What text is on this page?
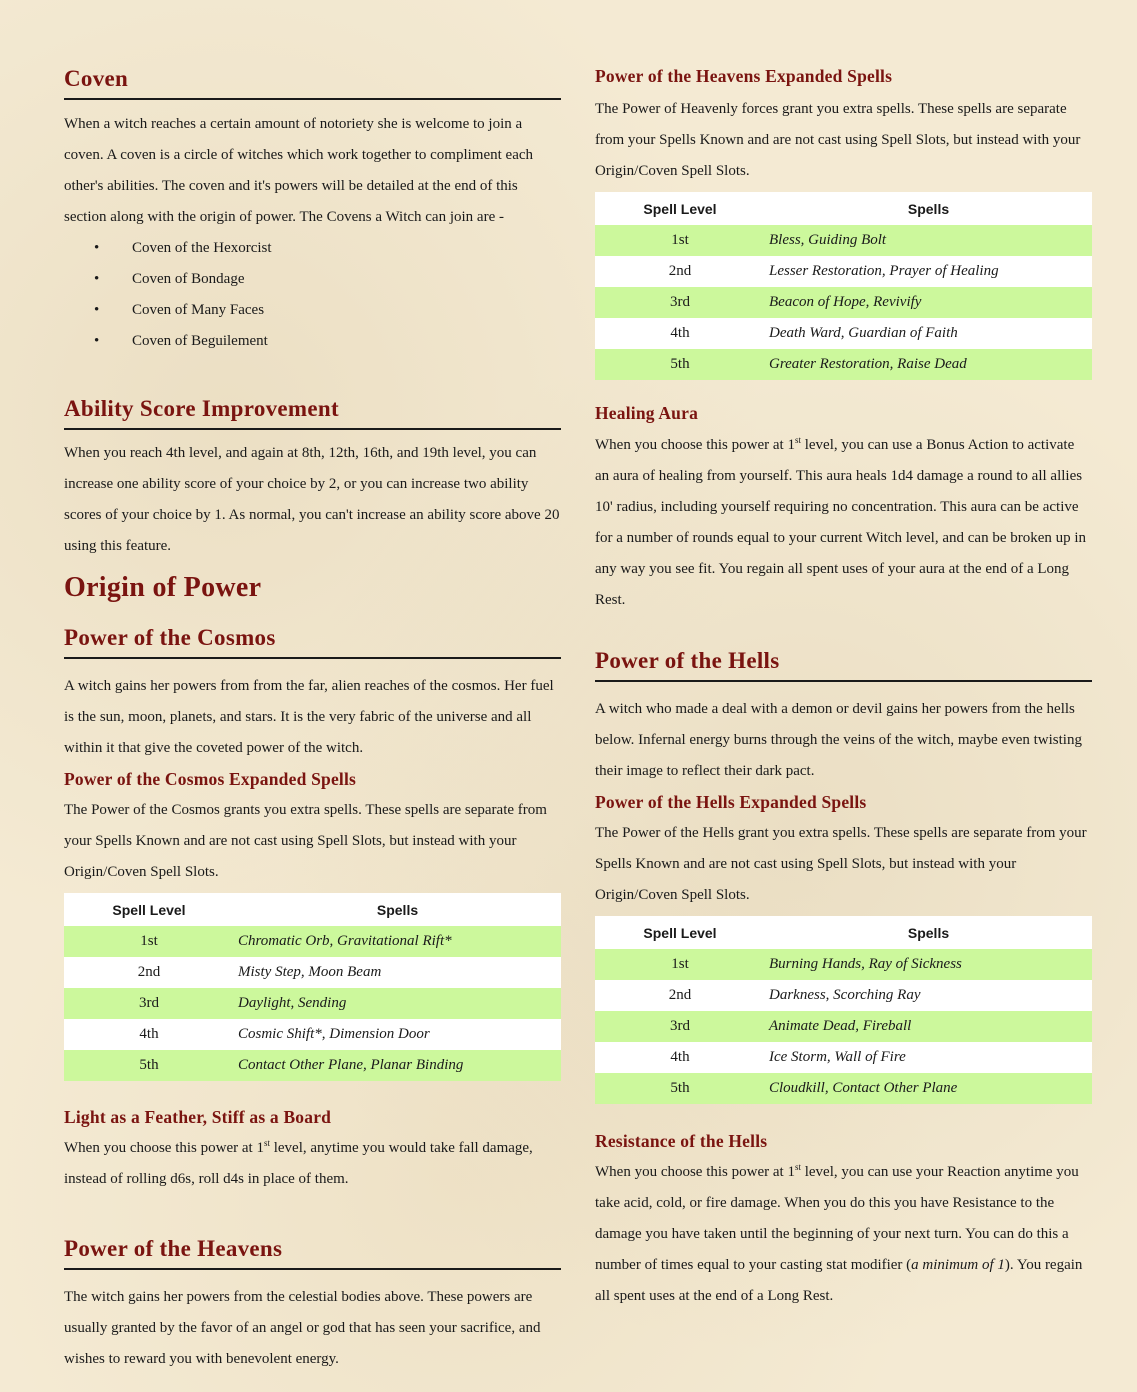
Coven

When a witch reaches a certain amount of notoriety she is welcome to join a coven. A coven is a circle of witches which work together to compliment each other's abilities. The coven and it's powers will be detailed at the end of this section along with the origin of power. The Covens a Witch can join are -

• Coven of the Hexorcist
• Coven of Bondage
• Coven of Many Faces
• Coven of Beguilement
Ability Score Improvement

When you reach 4th level, and again at 8th, 12th, 16th, and 19th level, you can increase one ability score of your choice by 2, or you can increase two ability scores of your choice by 1. As normal, you can't increase an ability score above 20 using this feature.

Origin of Power
Power of the Cosmos

A witch gains her powers from from the far, alien reaches of the cosmos. Her fuel is the sun, moon, planets, and stars. It is the very fabric of the universe and all within it that give the coveted power of the witch.

Power of the Cosmos Expanded Spells

The Power of the Cosmos grants you extra spells. These spells are separate from your Spells Known and are not cast using Spell Slots, but instead with your Origin/Coven Spell Slots.

Spell Level	Spells
1st	Chromatic Orb, Gravitational Rift*
2nd	Misty Step, Moon Beam
3rd	Daylight, Sending
4th	Cosmic Shift*, Dimension Door
5th	Contact Other Plane, Planar Binding
Light as a Feather, Stiff as a Board

When you choose this power at 1st level, anytime you would take fall damage, instead of rolling d6s, roll d4s in place of them.

Power of the Heavens

The witch gains her powers from the celestial bodies above. These powers are usually granted by the favor of an angel or god that has seen your sacrifice, and wishes to reward you with benevolent energy.

Power of the Heavens Expanded Spells

The Power of Heavenly forces grant you extra spells. These spells are separate from your Spells Known and are not cast using Spell Slots, but instead with your Origin/Coven Spell Slots.

Spell Level	Spells
1st	Bless, Guiding Bolt
2nd	Lesser Restoration, Prayer of Healing
3rd	Beacon of Hope, Revivify
4th	Death Ward, Guardian of Faith
5th	Greater Restoration, Raise Dead
Healing Aura

When you choose this power at 1st level, you can use a Bonus Action to activate an aura of healing from yourself. This aura heals 1d4 damage a round to all allies 10' radius, including yourself requiring no concentration. This aura can be active for a number of rounds equal to your current Witch level, and can be broken up in any way you see fit. You regain all spent uses of your aura at the end of a Long Rest.

Power of the Hells

A witch who made a deal with a demon or devil gains her powers from the hells below. Infernal energy burns through the veins of the witch, maybe even twisting their image to reflect their dark pact.

Power of the Hells Expanded Spells

The Power of the Hells grant you extra spells. These spells are separate from your Spells Known and are not cast using Spell Slots, but instead with your Origin/Coven Spell Slots.

Spell Level	Spells
1st	Burning Hands, Ray of Sickness
2nd	Darkness, Scorching Ray
3rd	Animate Dead, Fireball
4th	Ice Storm, Wall of Fire
5th	Cloudkill, Contact Other Plane
Resistance of the Hells

When you choose this power at 1st level, you can use your Reaction anytime you take acid, cold, or fire damage. When you do this you have Resistance to the damage you have taken until the beginning of your next turn. You can do this a number of times equal to your casting stat modifier (a minimum of 1). You regain all spent uses at the end of a Long Rest.
